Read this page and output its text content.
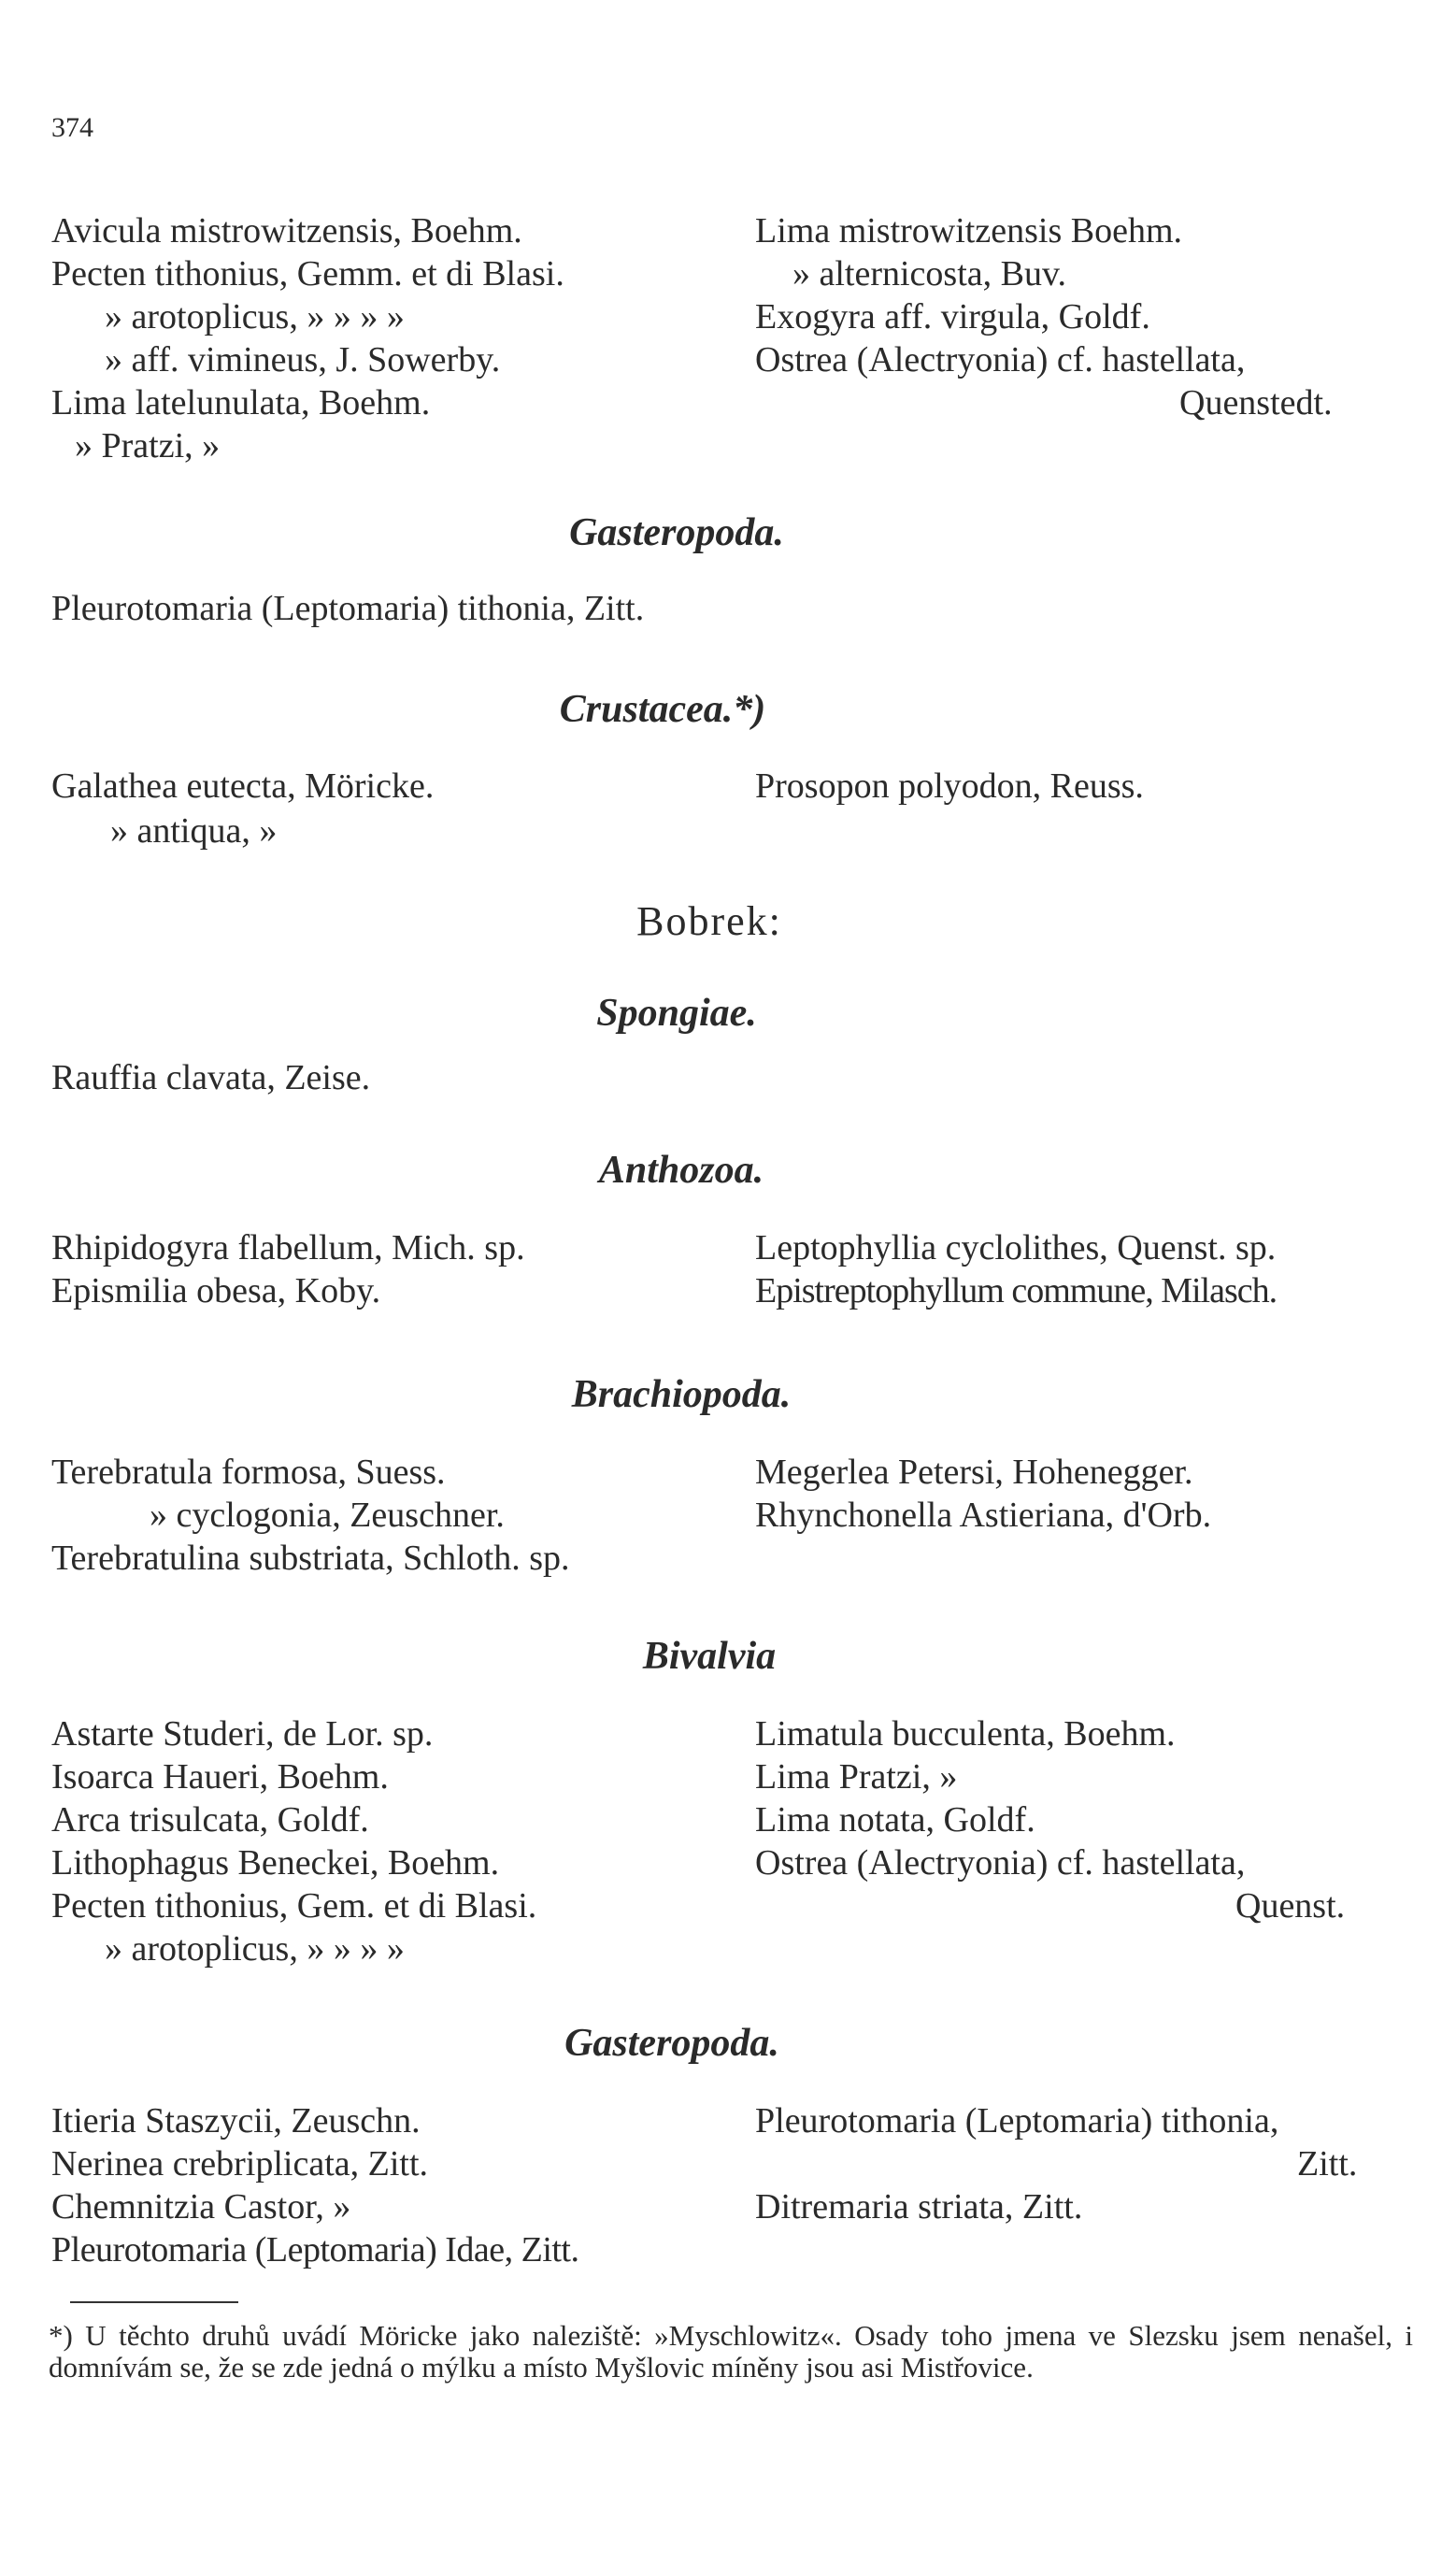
374
Avicula mistrowitzensis, Boehm.
Pecten tithonius, Gemm. et di Blasi.
» arotoplicus, » » » »
» aff. vimineus, J. Sowerby.
Lima latelunulata, Boehm.
» Pratzi, »
Lima mistrowitzensis Boehm.
» alternicosta, Buv.
Exogyra aff. virgula, Goldf.
Ostrea (Alectryonia) cf. hastellata,
Quenstedt.
Gasteropoda.
Pleurotomaria (Leptomaria) tithonia, Zitt.
Crustacea.*)
Galathea eutecta, Möricke.
» antiqua, »
Prosopon polyodon, Reuss.
Bobrek:
Spongiae.
Rauffia clavata, Zeise.
Anthozoa.
Rhipidogyra flabellum, Mich. sp.
Epismilia obesa, Koby.
Leptophyllia cyclolithes, Quenst. sp.
Epistreptophyllum commune, Milasch.
Brachiopoda.
Terebratula formosa, Suess.
» cyclogonia, Zeuschner.
Terebratulina substriata, Schloth. sp.
Megerlea Petersi, Hohenegger.
Rhynchonella Astieriana, d'Orb.
Bivalvia
Astarte Studeri, de Lor. sp.
Isoarca Haueri, Boehm.
Arca trisulcata, Goldf.
Lithophagus Beneckei, Boehm.
Pecten tithonius, Gem. et di Blasi.
» arotoplicus, » » » »
Limatula bucculenta, Boehm.
Lima Pratzi, »
Lima notata, Goldf.
Ostrea (Alectryonia) cf. hastellata,
Quenst.
Gasteropoda.
Itieria Staszycii, Zeuschn.
Nerinea crebriplicata, Zitt.
Chemnitzia Castor, »
Pleurotomaria (Leptomaria) Idae, Zitt.
Pleurotomaria (Leptomaria) tithonia,
Zitt.
Ditremaria striata, Zitt.
*) U těchto druhů uvádí Möricke jako naleziště: »Myschlowitz«. Osady toho jmena ve Slezsku jsem nenašel, i domnívám se, že se zde jedná o mýlku a místo Myšlovic míněny jsou asi Mistřovice.
